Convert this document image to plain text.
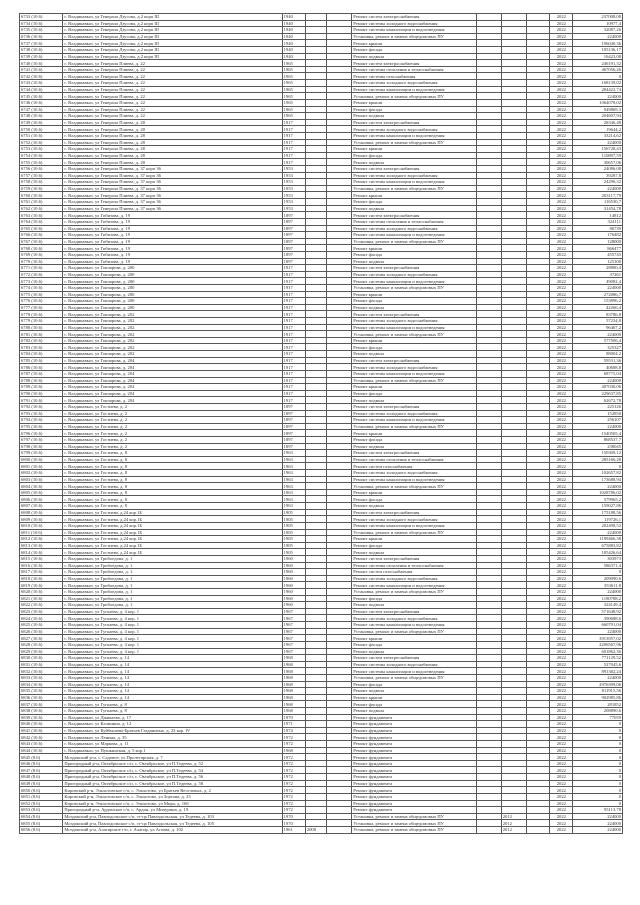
6733 (10.6)	г. Владикавказ, ул Генерала Дзусова, д.2 корп III	1940			Ремонт систем электроснабжения				2022	237008,08
6734 (10.6)	г. Владикавказ, ул Генерала Дзусова, д.2 корп III	1940			Ремонт системы холодного водоснабжения				2022	10977,4
6735 (10.6)	г. Владикавказ, ул Генерала Дзусова, д.2 корп III	1940			Ремонт системы канализации и водоотведения				2022	32087,26
6736 (10.6)	г. Владикавказ, ул Генерала Дзусова, д.2 корп III	1940			Установка, ремонт и замена общедомовых ПУ				2022	224000
6737 (10.6)	г. Владикавказ, ул Генерала Дзусова, д.2 корп III	1940			Ремонт крыши				2022	196040,36
6738 (10.6)	г. Владикавказ, ул Генерала Дзусова, д.2 корп III	1940			Ремонт фасада				2022	105136,17
6739 (10.6)	г. Владикавказ, ул Генерала Дзусова, д.2 корп III	1940			Ремонт подвала				2022	16423,08
6740 (10.6)	г. Владикавказ, ул Генерала Плиева, д. 22	1965			Ремонт систем электроснабжения				2022	246191,32
6741 (10.6)	г. Владикавказ, ул Генерала Плиева, д. 22	1965			Ремонт системы отопления и теплоснабжения				2022	467056,26
6742 (10.6)	г. Владикавказ, ул Генерала Плиева, д. 22	1965			Ремонт системы газоснабжения				2022	0
6743 (10.6)	г. Владикавказ, ул Генерала Плиева, д. 22	1965			Ремонт системы холодного водоснабжения				2022	168139,02
6744 (10.6)	г. Владикавказ, ул Генерала Плиева, д. 22	1965			Ремонт системы канализации и водоотведения				2022	284422,74
6745 (10.6)	г. Владикавказ, ул Генерала Плиева, д. 22	1965			Установка, ремонт и замена общедомовых ПУ				2022	224000
6746 (10.6)	г. Владикавказ, ул Генерала Плиева, д. 22	1965			Ремонт крыши				2022	1064078,02
6747 (10.6)	г. Владикавказ, ул Генерала Плиева, д. 22	1965			Ремонт фасада				2022	949869,3
6748 (10.6)	г. Владикавказ, ул Генерала Плиева, д. 22	1965			Ремонт подвала				2022	204607,94
6749 (10.6)	г. Владикавказ, ул Генерала Плиева, д. 28	1917			Ремонт систем электроснабжения				2022	28346,48
6750 (10.6)	г. Владикавказ, ул Генерала Плиева, д. 28	1917			Ремонт системы холодного водоснабжения				2022	19644,2
6751 (10.6)	г. Владикавказ, ул Генерала Плиева, д. 28	1917			Ремонт системы канализации и водоотведения				2022	33214,62
6752 (10.6)	г. Владикавказ, ул Генерала Плиева, д. 28	1917			Установка, ремонт и замена общедомовых ПУ				2022	224000
6753 (10.6)	г. Владикавказ, ул Генерала Плиева, д. 28	1917			Ремонт крыши				2022	156728,43
6754 (10.6)	г. Владикавказ, ул Генерала Плиева, д. 28	1917			Ремонт фасада				2022	110897,59
6755 (10.6)	г. Владикавказ, ул Генерала Плиева, д. 28	1917			Ремонт подвала				2022	30657,06
6756 (10.6)	г. Владикавказ, ул Генерала Плиева, д. 37 корп 36	1953			Ремонт систем электроснабжения				2022	24086,08
6757 (10.6)	г. Владикавказ, ул Генерала Плиева, д. 37 корп 36	1953			Ремонт системы холодного водоснабжения				2022	39287,8
6758 (10.6)	г. Владикавказ, ул Генерала Плиева, д. 37 корп 36	1953			Ремонт системы канализации и водоотведения				2022	24296,32
6759 (10.6)	г. Владикавказ, ул Генерала Плиева, д. 37 корп 36	1953			Установка, ремонт и замена общедомовых ПУ				2022	224000
6760 (10.6)	г. Владикавказ, ул Генерала Плиева, д. 37 корп 36	1953			Ремонт крыши				2022	203117,79
6761 (10.6)	г. Владикавказ, ул Генерала Плиева, д. 37 корп 36	1953			Ремонт фасада				2022	116530,7
6762 (10.6)	г. Владикавказ, ул Генерала Плиева, д. 37 корп 36	1953			Ремонт подвала				2022	31454,78
6763 (10.6)	г. Владикавказ, ул Гибизова, д. 19	1897			Ремонт систем электроснабжения				2022	14812
6764 (10.6)	г. Владикавказ, ул Гибизова, д. 19	1897			Ремонт системы отопления и теплоснабжения				2022	324111
6765 (10.6)	г. Владикавказ, ул Гибизова, д. 19	1897			Ремонт системы холодного водоснабжения				2022	86739
6766 (10.6)	г. Владикавказ, ул Гибизова, д. 19	1897			Ремонт системы канализации и водоотведения				2022	176482
6767 (10.6)	г. Владикавказ, ул Гибизова, д. 19	1897			Установка, ремонт и замена общедомовых ПУ				2022	128000
6768 (10.6)	г. Владикавказ, ул Гибизова, д. 19	1897			Ремонт крыши				2022	866477
6769 (10.6)	г. Владикавказ, ул Гибизова, д. 19	1897			Ремонт фасада				2022	455745
6770 (10.6)	г. Владикавказ, ул Гибизова, д. 19	1897			Ремонт подвала				2022	125100
6771 (10.6)	г. Владикавказ, ул Гончарова, д. 200	1917			Ремонт систем электроснабжения				2022	28800,4
6772 (10.6)	г. Владикавказ, ул Гончарова, д. 200	1917			Ремонт системы холодного водоснабжения				2022	37261
6773 (10.6)	г. Владикавказ, ул Гончарова, д. 200	1917			Ремонт системы канализации и водоотведения				2022	49082,4
6774 (10.6)	г. Владикавказ, ул Гончарова, д. 200	1917			Установка, ремонт и замена общедомовых ПУ				2022	224000
6775 (10.6)	г. Владикавказ, ул Гончарова, д. 200	1917			Ремонт крыши				2022	272086,7
6776 (10.6)	г. Владикавказ, ул Гончарова, д. 200	1917			Ремонт фасада				2022	153896,2
6777 (10.6)	г. Владикавказ, ул Гончарова, д. 200	1917			Ремонт подвала				2022	42266,4
6778 (10.6)	г. Владикавказ, ул Гончарова, д. 202	1917			Ремонт систем электроснабжения				2022	83786,8
6779 (10.6)	г. Владикавказ, ул Гончарова, д. 202	1917			Ремонт системы холодного водоснабжения				2022	57234,8
6780 (10.6)	г. Владикавказ, ул Гончарова, д. 202	1917			Ремонт системы канализации и водоотведения				2022	96467,2
6781 (10.6)	г. Владикавказ, ул Гончарова, д. 202	1917			Установка, ремонт и замена общедомовых ПУ				2022	224000
6782 (10.6)	г. Владикавказ, ул Гончарова, д. 202	1917			Ремонт крыши				2022	577506,4
6783 (10.6)	г. Владикавказ, ул Гончарова, д. 202	1917			Ремонт фасада				2022	325327
6784 (10.6)	г. Владикавказ, ул Гончарова, д. 202	1917			Ремонт подвала				2022	88004,2
6785 (10.6)	г. Владикавказ, ул Гончарова, д. 204	1917			Ремонт систем электроснабжения				2022	59531,36
6786 (10.6)	г. Владикавказ, ул Гончарова, д. 204	1917			Ремонт системы холодного водоснабжения				2022	40688,8
6787 (10.6)	г. Владикавказ, ул Гончарова, д. 204	1917			Ремонт системы канализации и водоотведения				2022	68775,04
6788 (10.6)	г. Владикавказ, ул Гончарова, д. 204	1917			Установка, ремонт и замена общедомовых ПУ				2022	224000
6789 (10.6)	г. Владикавказ, ул Гончарова, д. 204	1917			Ремонт крыши				2022	407030,06
6790 (10.6)	г. Владикавказ, ул Гончарова, д. 204	1917			Ремонт фасада				2022	229637,85
6791 (10.6)	г. Владикавказ, ул Гончарова, д. 204	1917			Ремонт подвала				2022	62672,78
6792 (10.6)	г. Владикавказ, ул Гостиева, д. 2	1897			Ремонт систем электроснабжения				2022	225126
6793 (10.6)	г. Владикавказ, ул Гостиева, д. 2	1897			Ремонт системы холодного водоснабжения				2022	152850
6794 (10.6)	г. Владикавказ, ул Гостиева, д. 2	1897			Ремонт системы канализации и водоотведения				2022	256107
6795 (10.6)	г. Владикавказ, ул Гостиева, д. 2	1897			Установка, ремонт и замена общедомовых ПУ				2022	224000
6796 (10.6)	г. Владикавказ, ул Гостиева, д. 2	1897			Ремонт крыши				2022	1540505,4
6797 (10.6)	г. Владикавказ, ул Гостиева, д. 2	1897			Ремонт фасада				2022	868537,7
6798 (10.6)	г. Владикавказ, ул Гостиева, д. 2	1897			Ремонт подвала				2022	238045
6799 (10.6)	г. Владикавказ, ул Гостиева, д. 8	1963			Ремонт систем электроснабжения				2022	150309,12
6800 (10.6)	г. Владикавказ, ул Гостиева, д. 8	1963			Ремонт системы отопления и теплоснабжения				2022	285166,28
6801 (10.6)	г. Владикавказ, ул Гостиева, д. 8	1963			Ремонт систем газоснабжения				2022	0
6802 (10.6)	г. Владикавказ, ул Гостиева, д. 8	1963			Ремонт системы холодного водоснабжения				2022	102657,82
6803 (10.6)	г. Владикавказ, ул Гостиева, д. 8	1963			Ремонт системы канализации и водоотведения				2022	173688,94
6804 (10.6)	г. Владикавказ, ул Гостиева, д. 8	1963			Установка, ремонт и замена общедомовых ПУ				2022	224000
6805 (10.6)	г. Владикавказ, ул Гостиева, д. 8	1963			Ремонт крыши				2022	1028786,02
6806 (10.6)	г. Владикавказ, ул Гостиева, д. 8	1963			Ремонт фасада				2022	579965,2
6807 (10.6)	г. Владикавказ, ул Гостиева, д. 8	1963			Ремонт подвала				2022	159027,86
6808 (10.6)	г. Владикавказ, ул Гостиева, д.24 кор.1Б	1905			Ремонт систем электроснабжения				2022	175188,56
6809 (10.6)	г. Владикавказ, ул Гостиева, д.24 кор.1Б	1905			Ремонт системы холодного водоснабжения				2022	119726,1
6810 (10.6)	г. Владикавказ, ул Гостиева, д.24 кор.1Б	1905			Ремонт системы канализации и водоотведения				2022	202498,52
6811 (10.6)	г. Владикавказ, ул Гостиева, д.24 кор.1Б	1905			Установка, ремонт и замена общедомовых ПУ				2022	224000
6812 (10.6)	г. Владикавказ, ул Гостиева, д.24 кор.1Б	1905			Ремонт крыши				2022	1199466,38
6813 (10.6)	г. Владикавказ, ул Гостиева, д.24 кор.1Б	1905			Ремонт фасада				2022	675883,82
6814 (10.6)	г. Владикавказ, ул Гостиева, д.24 кор.1Б	1905			Ремонт подвала				2022	185426,64
6815 (10.6)	г. Владикавказ, ул Грибоедова, д. 1	1960			Ремонт систем электроснабжения				2022	303973
6816 (10.6)	г. Владикавказ, ул Грибоедова, д. 1	1960			Ремонт системы отопления и теплоснабжения				2022	586371,4
6817 (10.6)	г. Владикавказ, ул Грибоедова, д. 1	1960			Ремонт систем газоснабжения				2022	0
6818 (10.6)	г. Владикавказ, ул Грибоедова, д. 1	1960			Ремонт системы холодного водоснабжения				2022	209090,6
6819 (10.6)	г. Владикавказ, ул Грибоедова, д. 1	1960			Ремонт системы канализации и водоотведения				2022	353611,8
6820 (10.6)	г. Владикавказ, ул Грибоедова, д. 1	1960			Установка, ремонт и замена общедомовых ПУ				2022	224000
6821 (10.6)	г. Владикавказ, ул Грибоедова, д. 1	1960			Ремонт фасада				2022	1180788,2
6822 (10.6)	г. Владикавказ, ул Грибоедова, д. 1	1960			Ремонт подвала				2022	324149,4
6823 (10.6)	г. Владикавказ, ул Гугкаева, д. 4 кор. 1	1967			Ремонт систем электроснабжения				2022	571648,92
6824 (10.6)	г. Владикавказ, ул Гугкаева, д. 4 кор. 1	1967			Ремонт системы холодного водоснабжения				2022	390688,6
6825 (10.6)	г. Владикавказ, ул Гугкаева, д. 4 кор. 1	1967			Ремонт системы канализации и водоотведения				2022	660791,04
6826 (10.6)	г. Владикавказ, ул Гугкаева, д. 4 кор. 1	1967			Установка, ремонт и замена общедомовых ПУ				2022	224000
6827 (10.6)	г. Владикавказ, ул Гугкаева, д. 4 кор. 1	1967			Ремонт крыши				2022	3913957,02
6828 (10.6)	г. Владикавказ, ул Гугкаева, д. 4 кор. 1	1967			Ремонт фасада				2022	2206567,96
6829 (10.6)	г. Владикавказ, ул Гугкаева, д. 4 кор. 1	1967			Ремонт подвала				2022	601862,36
6830 (10.6)	г. Владикавказ, ул Гугкаева, д. 14	1968			Ремонт систем электроснабжения				2022	771129,52
6831 (10.6)	г. Владикавказ, ул Гугкаева, д. 14	1968			Ремонт системы холодного водоснабжения				2022	527045,6
6832 (10.6)	г. Владикавказ, ул Гугкаева, д. 14	1968			Ремонт системы канализации и водоотведения				2022	891382,24
6833 (10.6)	г. Владикавказ, ул Гугкаева, д. 14	1968			Установка, ремонт и замена общедомовых ПУ				2022	224000
6834 (10.6)	г. Владикавказ, ул Гугкаева, д. 14	1968			Ремонт фасада				2022	2976399,06
6835 (10.6)	г. Владикавказ, ул Гугкаева, д. 14	1968			Ремонт подвала				2022	811915,56
6836 (10.6)	г. Владикавказ, ул Гугкаева, д. 14	1968			Ремонт крыши				2022	902985,86
6837 (10.6)	г. Владикавказ, ул Гугкаева, д. 8	1968			Ремонт фасада				2022	281852
6838 (10.6)	г. Владикавказ, ул Гугкаева, д. 8	1968			Ремонт подвала				2022	208890,6
6839 (10.6)	г. Владикавказ, ул Джикаева, д. 17	1970			Ремонт фундамента				2022	77059
6840 (10.6)	г. Владикавказ, ул Калинина, д. 12	1971			Ремонт фундамента				2022	0
6841 (10.6)	г. Владикавказ, ул Куйбышева-Братьев Газдановых, д. 23 кор. IV	1974			Ремонт фундамента				2022	0
6842 (10.6)	г. Владикавказ, ул Ленина, д. 35	1972			Ремонт фундамента				2022	0
6843 (10.6)	г. Владикавказ, ул Маркова, д. 11	1972			Ремонт фундамента				2022	0
6844 (10.6)	г. Владикавказ, ул Пушкинская, д. 5 кор.1	1968			Ремонт фундамента				2022	0
6845 (8.6)	Моздокский р-н, с. Садовое, ул Пролетарская, д. 7	1972			Ремонт фундамента				2022	0
6846 (8.6)	Пригородный р-н, Октябрьское с/п, с. Октябрьское, ул П.Тедеева, д. 52	1972			Ремонт фундамента				2022	0
6847 (8.6)	Пригородный р-н, Октябрьское с/п, с. Октябрьское, ул П.Тедеева, д. 54	1972			Ремонт фундамента				2022	0
6848 (8.6)	Пригородный р-н, Октябрьское с/п, с. Октябрьское, ул П.Тедеева, д. 56	1972			Ремонт фундамента				2022	0
6849 (8.6)	Пригородный р-н, Октябрьское с/п, с. Октябрьское, ул П.Тедеева, д. 58	1972			Ремонт фундамента				2022	0
6850 (8.6)	Кировский р-н, Эльхотовское с/п, с. Эльхотово, ул Братьев Веселовых, д. 2	1972			Ремонт фундамента				2022	0
6851 (8.6)	Кировский р-н, Эльхотовское с/п, с. Эльхотово, ул Зортова, д. 23	1972			Ремонт фундамента				2022	0
6852 (8.6)	Кировский р-н, Эльхотовское с/п, с. Эльхотово, ул Мира, д. 166	1972			Ремонт фундамента				2022	0
6853 (8.6)	Пригородный р-н, Ардонское с/п, с. Ардон, ул Мичурина, д. 19	1972			Ремонт фундамента				2022	95113,78
6854 (8.6)	Моздокский р-н, Павлодольское с/п, ст-ца Павлодольская, ул Тедеева, д. 103	1970			Установка, ремонт и замена общедомовых ПУ		2012		2022	224000
6855 (8.6)	Моздокский р-н, Павлодольское с/п, ст-ца Павлодольская, ул Тедеева, д. 105	1970			Установка, ремонт и замена общедомовых ПУ		2012		2022	224000
6856 (8.6)	Моздокский р-н, Алагирское г/п, г. Алагир, ул Агоева, д. 102	1961	2008		Установка, ремонт и замена общедомовых ПУ		2012		2022	224000
